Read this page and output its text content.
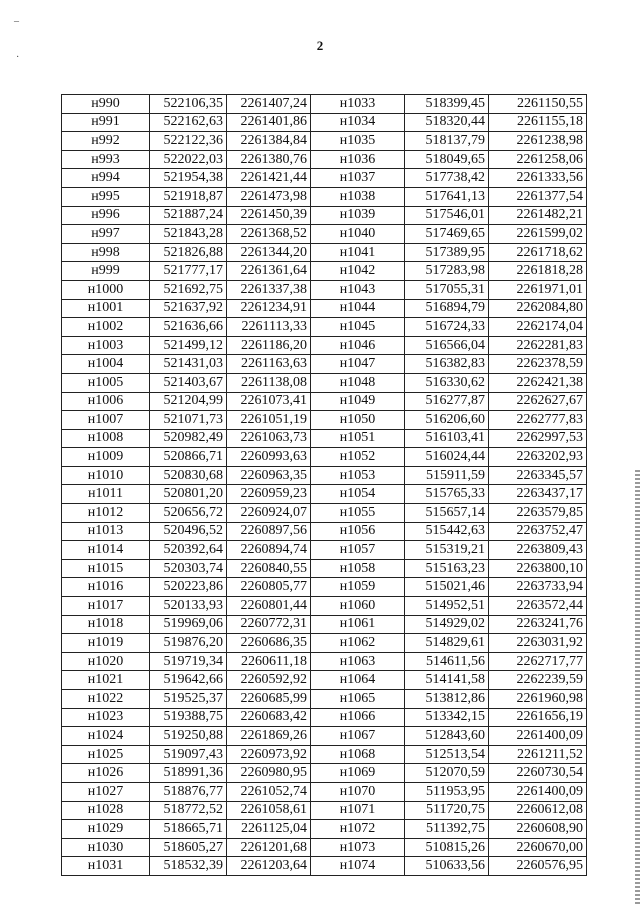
–
·
2
н990	522106,35	2261407,24	н1033	518399,45	2261150,55
н991	522162,63	2261401,86	н1034	518320,44	2261155,18
н992	522122,36	2261384,84	н1035	518137,79	2261238,98
н993	522022,03	2261380,76	н1036	518049,65	2261258,06
н994	521954,38	2261421,44	н1037	517738,42	2261333,56
н995	521918,87	2261473,98	н1038	517641,13	2261377,54
н996	521887,24	2261450,39	н1039	517546,01	2261482,21
н997	521843,28	2261368,52	н1040	517469,65	2261599,02
н998	521826,88	2261344,20	н1041	517389,95	2261718,62
н999	521777,17	2261361,64	н1042	517283,98	2261818,28
н1000	521692,75	2261337,38	н1043	517055,31	2261971,01
н1001	521637,92	2261234,91	н1044	516894,79	2262084,80
н1002	521636,66	2261113,33	н1045	516724,33	2262174,04
н1003	521499,12	2261186,20	н1046	516566,04	2262281,83
н1004	521431,03	2261163,63	н1047	516382,83	2262378,59
н1005	521403,67	2261138,08	н1048	516330,62	2262421,38
н1006	521204,99	2261073,41	н1049	516277,87	2262627,67
н1007	521071,73	2261051,19	н1050	516206,60	2262777,83
н1008	520982,49	2261063,73	н1051	516103,41	2262997,53
н1009	520866,71	2260993,63	н1052	516024,44	2263202,93
н1010	520830,68	2260963,35	н1053	515911,59	2263345,57
н1011	520801,20	2260959,23	н1054	515765,33	2263437,17
н1012	520656,72	2260924,07	н1055	515657,14	2263579,85
н1013	520496,52	2260897,56	н1056	515442,63	2263752,47
н1014	520392,64	2260894,74	н1057	515319,21	2263809,43
н1015	520303,74	2260840,55	н1058	515163,23	2263800,10
н1016	520223,86	2260805,77	н1059	515021,46	2263733,94
н1017	520133,93	2260801,44	н1060	514952,51	2263572,44
н1018	519969,06	2260772,31	н1061	514929,02	2263241,76
н1019	519876,20	2260686,35	н1062	514829,61	2263031,92
н1020	519719,34	2260611,18	н1063	514611,56	2262717,77
н1021	519642,66	2260592,92	н1064	514141,58	2262239,59
н1022	519525,37	2260685,99	н1065	513812,86	2261960,98
н1023	519388,75	2260683,42	н1066	513342,15	2261656,19
н1024	519250,88	2261869,26	н1067	512843,60	2261400,09
н1025	519097,43	2260973,92	н1068	512513,54	2261211,52
н1026	518991,36	2260980,95	н1069	512070,59	2260730,54
н1027	518876,77	2261052,74	н1070	511953,95	2261400,09
н1028	518772,52	2261058,61	н1071	511720,75	2260612,08
н1029	518665,71	2261125,04	н1072	511392,75	2260608,90
н1030	518605,27	2261201,68	н1073	510815,26	2260670,00
н1031	518532,39	2261203,64	н1074	510633,56	2260576,95
